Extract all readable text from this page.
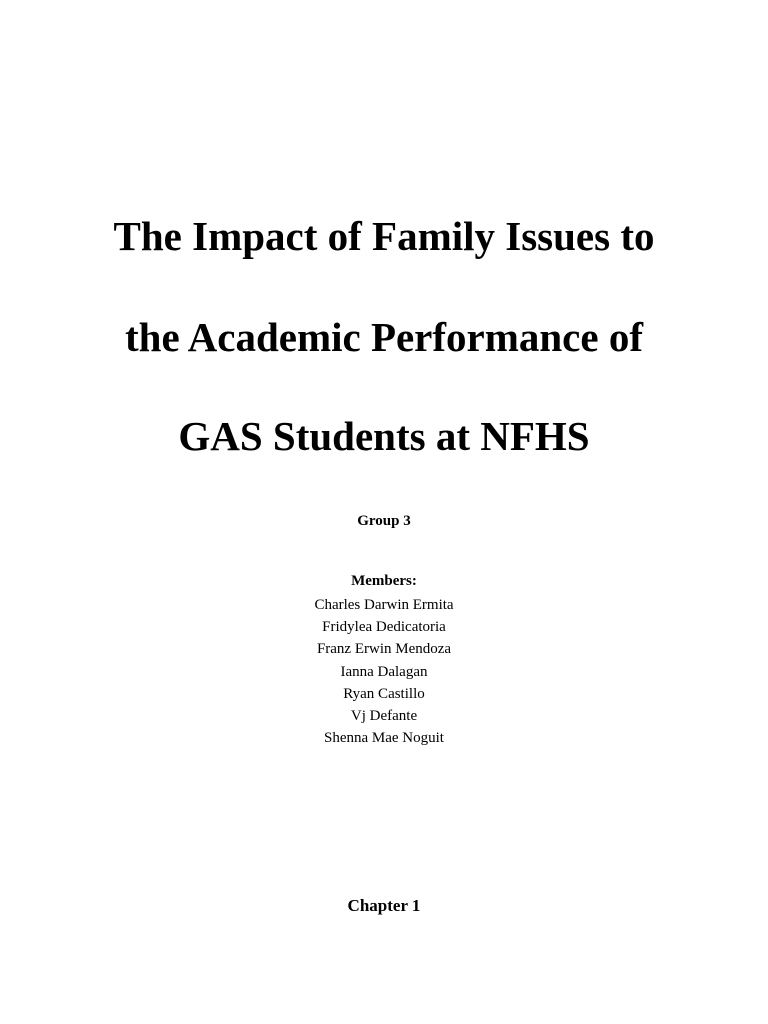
The Impact of Family Issues to
the Academic Performance of
GAS Students at NFHS
Group 3
Members:
Charles Darwin Ermita
Fridylea Dedicatoria
Franz Erwin Mendoza
Ianna Dalagan
Ryan Castillo
Vj Defante
Shenna Mae Noguit
Chapter 1
